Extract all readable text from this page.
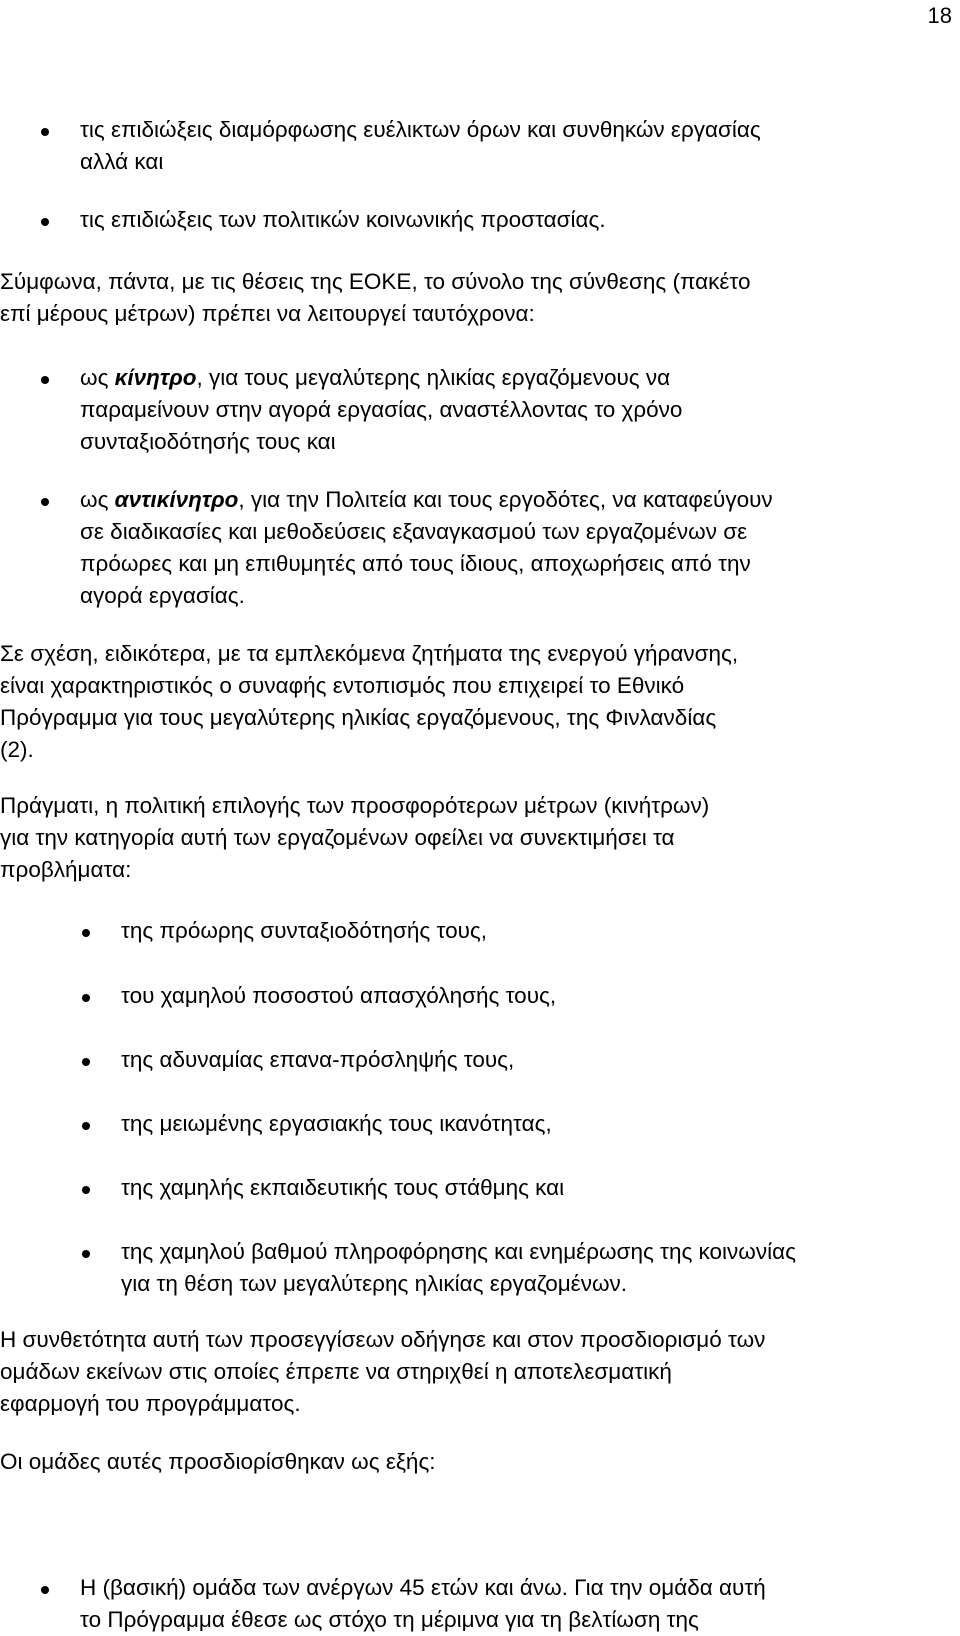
18
τις επιδιώξεις διαμόρφωσης ευέλικτων όρων και συνθηκών εργασίας
αλλά και
τις επιδιώξεις των πολιτικών κοινωνικής προστασίας.
Σύμφωνα, πάντα, με τις θέσεις της ΕΟΚΕ, το σύνολο της σύνθεσης (πακέτο
επί μέρους μέτρων) πρέπει να λειτουργεί ταυτόχρονα:
ως κίνητρο, για τους μεγαλύτερης ηλικίας εργαζόμενους να
παραμείνουν στην αγορά εργασίας, αναστέλλοντας το χρόνο
συνταξιοδότησής τους και
ως αντικίνητρο, για την Πολιτεία και τους εργοδότες, να καταφεύγουν
σε διαδικασίες και μεθοδεύσεις εξαναγκασμού των εργαζομένων σε
πρόωρες και μη επιθυμητές από τους ίδιους, αποχωρήσεις από την
αγορά εργασίας.
Σε σχέση, ειδικότερα, με τα εμπλεκόμενα ζητήματα της ενεργού γήρανσης,
είναι χαρακτηριστικός ο συναφής εντοπισμός που επιχειρεί το Εθνικό
Πρόγραμμα για τους μεγαλύτερης ηλικίας εργαζόμενους, της Φινλανδίας
(2).
Πράγματι, η πολιτική επιλογής των προσφορότερων μέτρων (κινήτρων)
για την κατηγορία αυτή των εργαζομένων οφείλει να συνεκτιμήσει τα
προβλήματα:
της πρόωρης συνταξιοδότησής τους,
του χαμηλού ποσοστού απασχόλησής τους,
της αδυναμίας επανα-πρόσληψής τους,
της μειωμένης εργασιακής τους ικανότητας,
της χαμηλής εκπαιδευτικής τους στάθμης και
της χαμηλού βαθμού πληροφόρησης και ενημέρωσης της κοινωνίας
για τη θέση των μεγαλύτερης ηλικίας εργαζομένων.
Η συνθετότητα αυτή των προσεγγίσεων οδήγησε και στον προσδιορισμό των
ομάδων εκείνων στις οποίες έπρεπε να στηριχθεί η αποτελεσματική
εφαρμογή του προγράμματος.
Οι ομάδες αυτές προσδιορίσθηκαν ως εξής:
Η (βασική) ομάδα των ανέργων 45 ετών και άνω. Για την ομάδα αυτή
το Πρόγραμμα έθεσε ως στόχο τη μέριμνα για τη βελτίωση της
